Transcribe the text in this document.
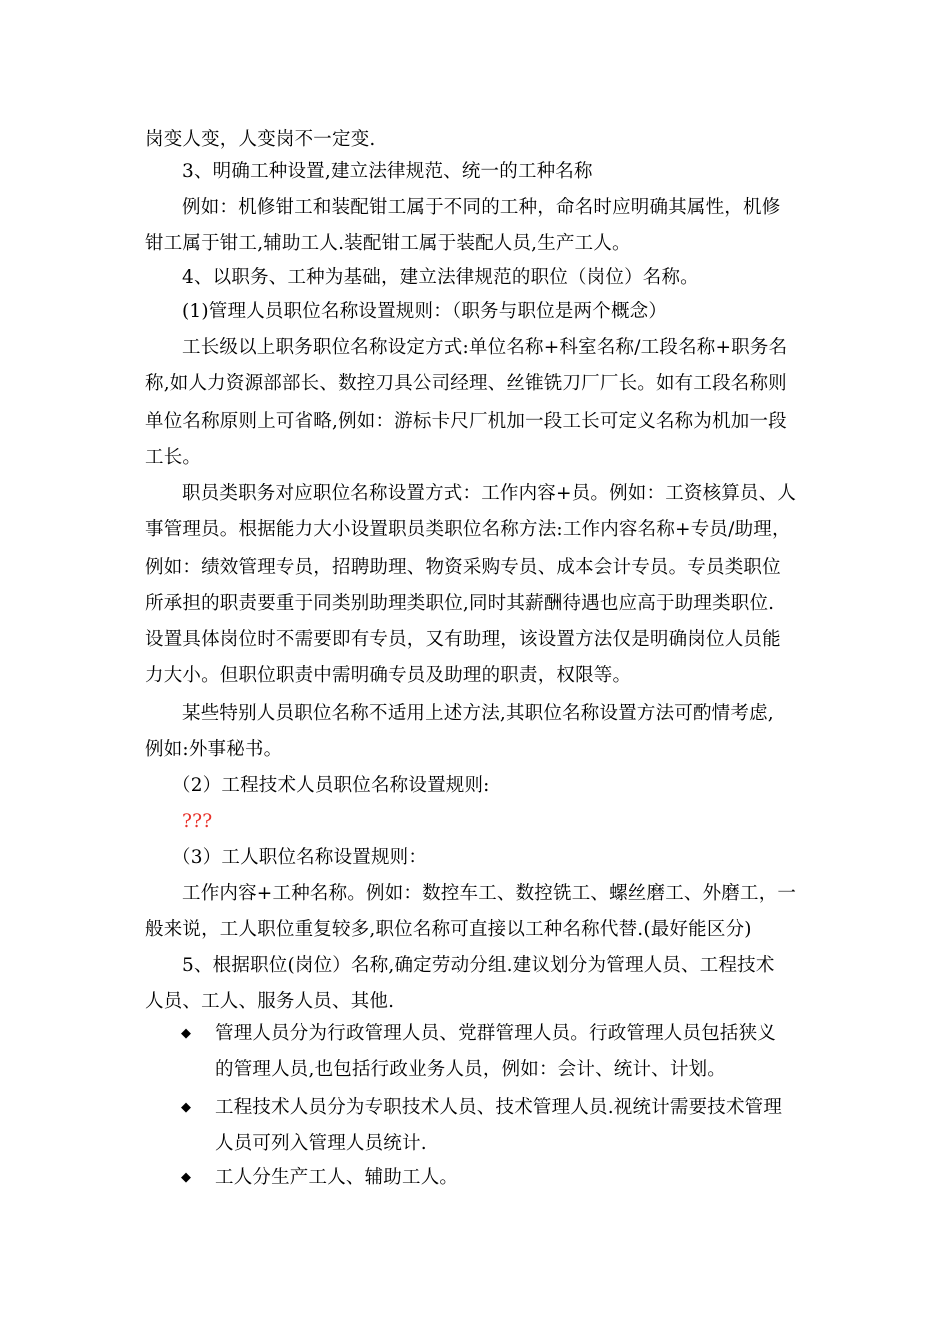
岗变人变，人变岗不一定变.
3、明确工种设置,建立法律规范、统一的工种名称
例如：机修钳工和装配钳工属于不同的工种，命名时应明确其属性，机修
钳工属于钳工,辅助工人.装配钳工属于装配人员,生产工人。
4、以职务、工种为基础，建立法律规范的职位（岗位）名称。
(1)管理人员职位名称设置规则：（职务与职位是两个概念）
工长级以上职务职位名称设定方式:单位名称+科室名称/工段名称+职务名
称,如人力资源部部长、数控刀具公司经理、丝锥铣刀厂厂长。如有工段名称则
单位名称原则上可省略,例如：游标卡尺厂机加一段工长可定义名称为机加一段
工长。
职员类职务对应职位名称设置方式：工作内容+员。例如：工资核算员、人
事管理员。根据能力大小设置职员类职位名称方法:工作内容名称+专员/助理，
例如：绩效管理专员，招聘助理、物资采购专员、成本会计专员。专员类职位
所承担的职责要重于同类别助理类职位,同时其薪酬待遇也应高于助理类职位.
设置具体岗位时不需要即有专员，又有助理，该设置方法仅是明确岗位人员能
力大小。但职位职责中需明确专员及助理的职责，权限等。
某些特别人员职位名称不适用上述方法,其职位名称设置方法可酌情考虑,
例如:外事秘书。
（2）工程技术人员职位名称设置规则:
???
（3）工人职位名称设置规则：
工作内容+工种名称。例如：数控车工、数控铣工、螺丝磨工、外磨工，一
般来说，工人职位重复较多,职位名称可直接以工种名称代替.(最好能区分)
5、根据职位(岗位）名称,确定劳动分组.建议划分为管理人员、工程技术
人员、工人、服务人员、其他.
◆ 管理人员分为行政管理人员、党群管理人员。行政管理人员包括狭义
的管理人员,也包括行政业务人员，例如：会计、统计、计划。
◆ 工程技术人员分为专职技术人员、技术管理人员.视统计需要技术管理
人员可列入管理人员统计.
◆ 工人分生产工人、辅助工人。
